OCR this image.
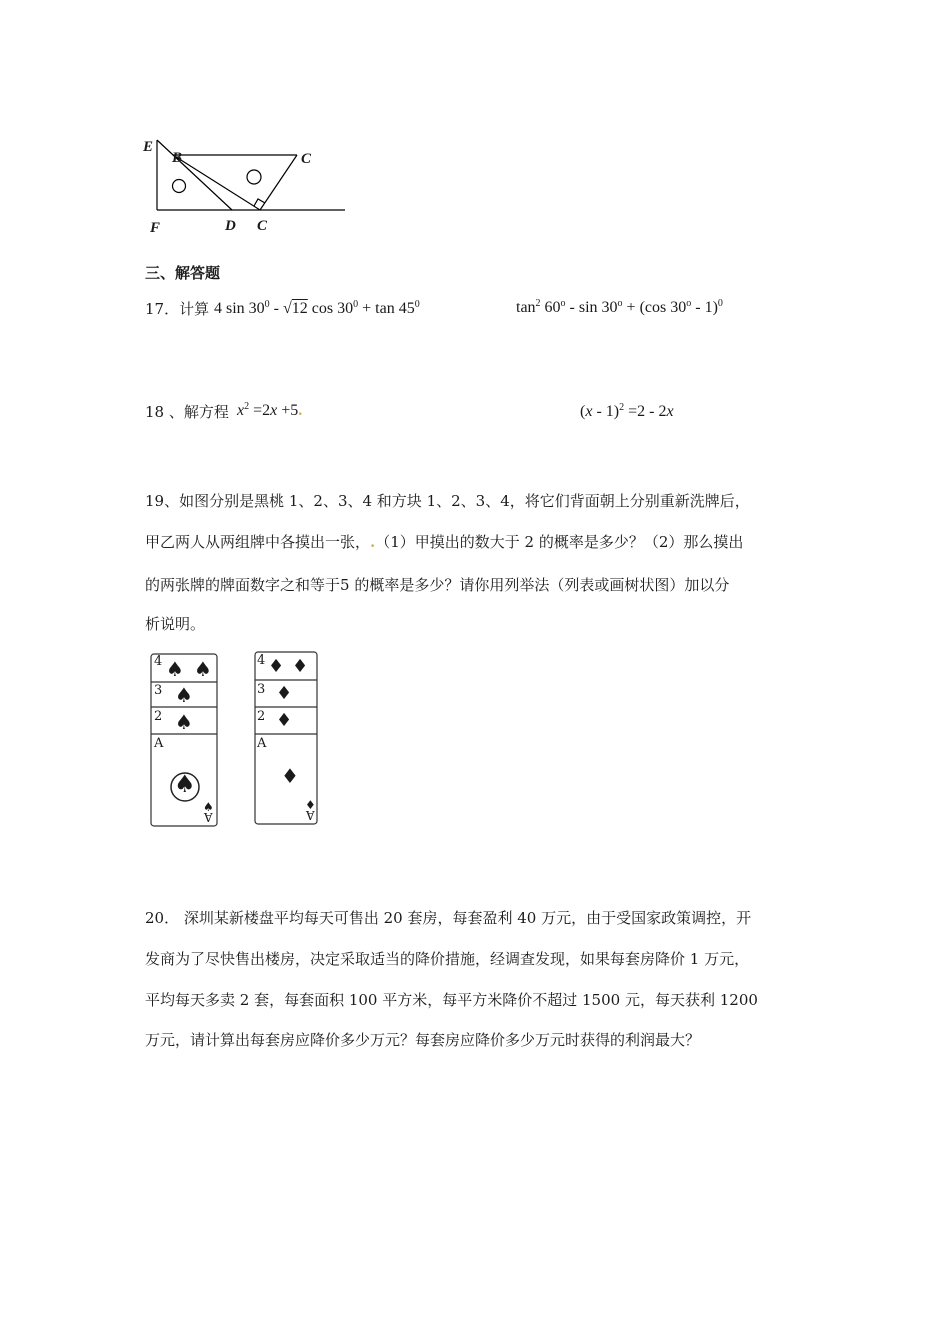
E
B	C
F	D C
三、解答题
17．计算 4 $\sin 30^0 - √12$ $\cos 30^0 + \tan 45^0$	$\tan^2 60^o - \sin 30^o + (\cos$ 30$^o$ - 1)$^0$
18 、解方程 $x^2 =2x +5$.	(x - 1)$^2$ =2 - 2x
19、如图分别是黑桃 1、2、3、4 和方块 1、2、3、4，将它们背面朝上分别重新洗牌后，
甲乙两人从两组牌中各摸出一张，.（1）甲摸出的数大于 2 的概率是多少？（2）那么摸出
的两张牌的牌面数字之和等于5 的概率是多少？请你用列举法（列表或画树状图）加以分
析说明。
4 ♠ ♠
3 ♠
2 ♠
A
♠
♠
A
4 ♦ ♦
3 ♦
2 ♦
A
♦
♦
A
20． 深圳某新楼盘平均每天可售出 20 套房，每套盈利 40 万元，由于受国家政策调控，开
发商为了尽快售出楼房，决定采取适当的降价措施，经调查发现，如果每套房降价 1 万元，
平均每天多卖 2 套，每套面积 100 平方米，每平方米降价不超过 1500 元，每天获利 1200
万元，请计算出每套房应降价多少万元？每套房应降价多少万元时获得的利润最大？
